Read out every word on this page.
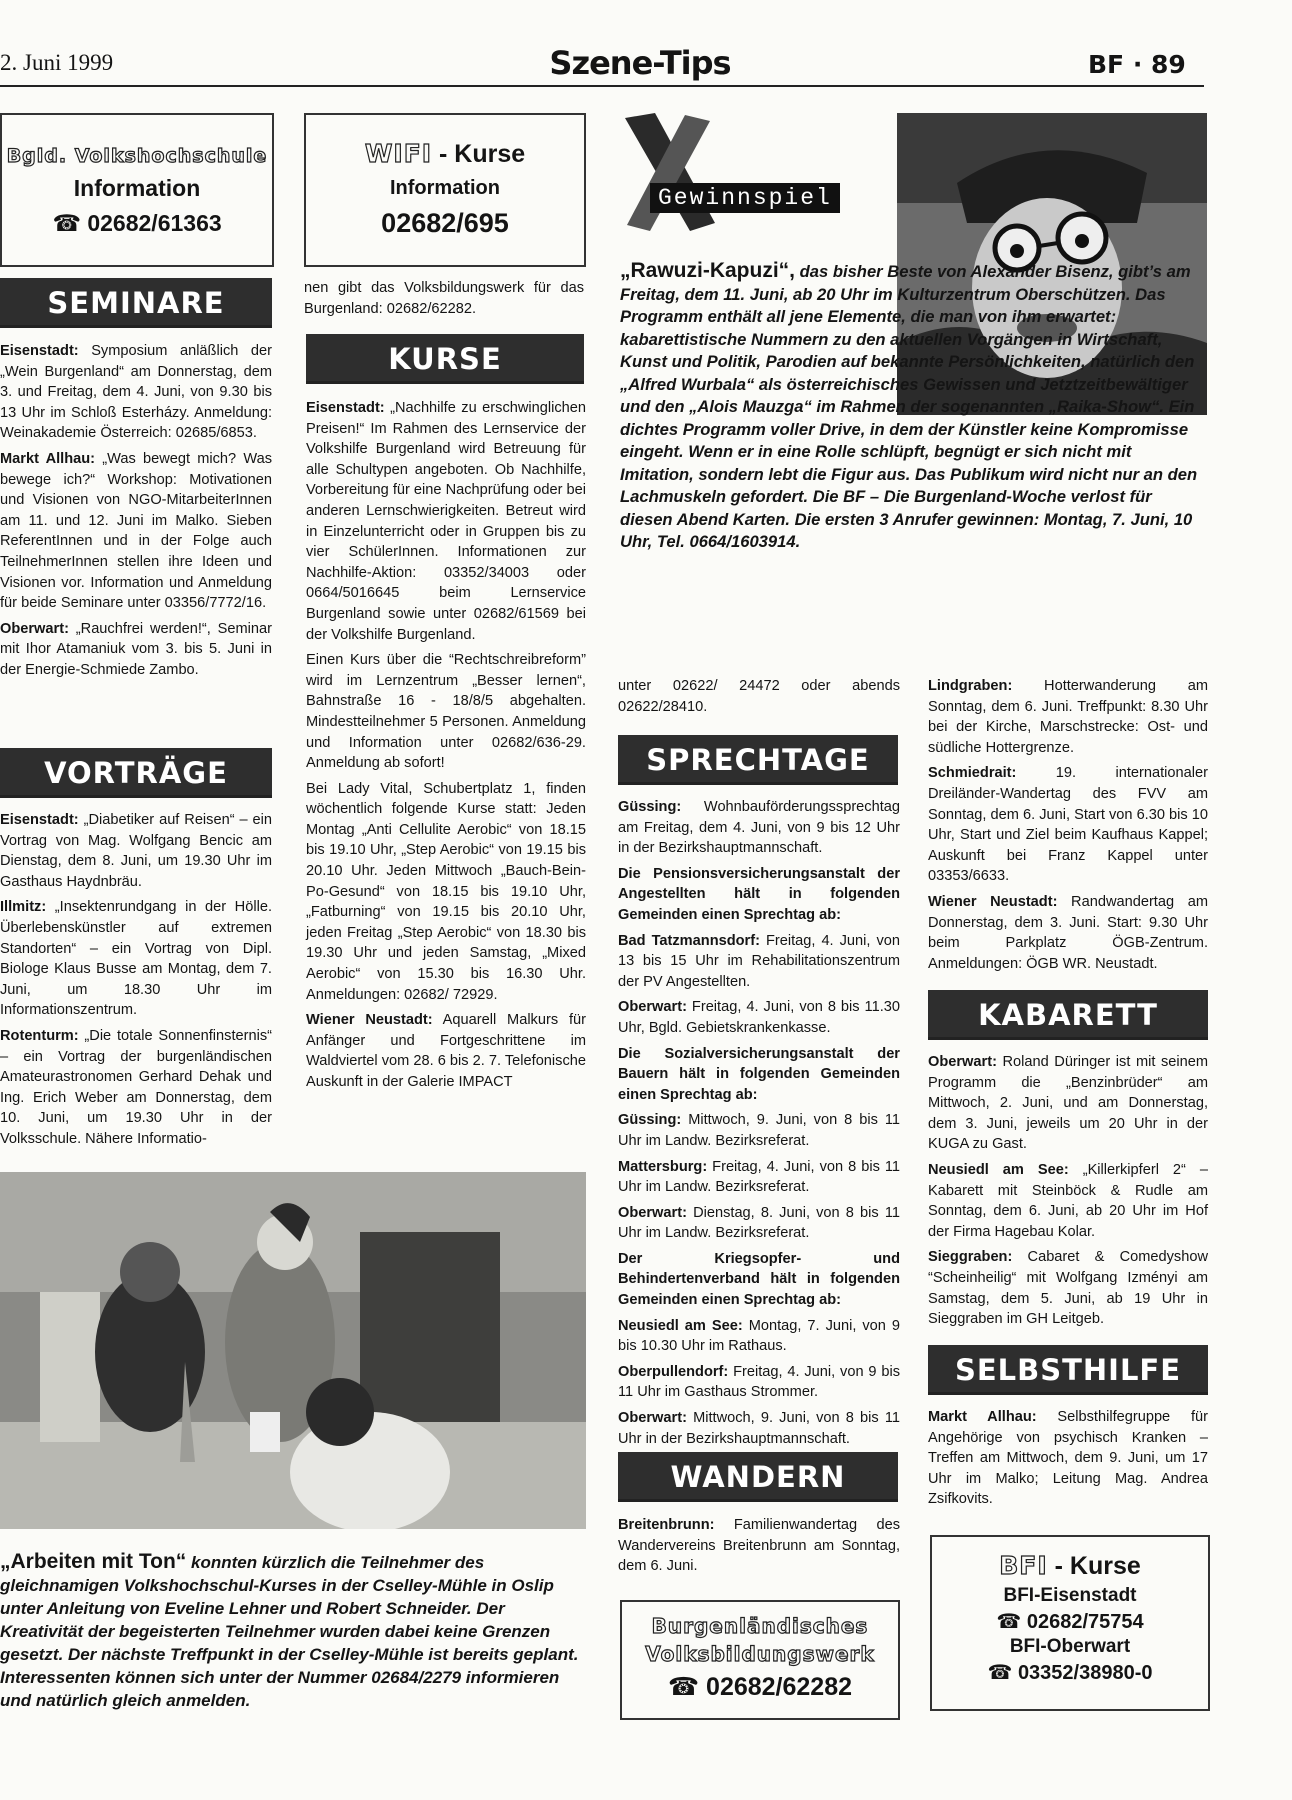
2. Juni 1999	Szene-Tips	BF · 89
Bgld. Volkshochschule
Information
☎ 02682/61363
SEMINARE

Eisenstadt: Symposium anläßlich der „Wein Burgenland“ am Donnerstag, dem 3. und Freitag, dem 4. Juni, von 9.30 bis 13 Uhr im Schloß Esterházy. Anmeldung: Weinakademie Österreich: 02685/6853.

Markt Allhau: „Was bewegt mich? Was bewege ich?“ Workshop: Motivationen und Visionen von NGO-MitarbeiterInnen am 11. und 12. Juni im Malko. Sieben ReferentInnen und in der Folge auch TeilnehmerInnen stellen ihre Ideen und Visionen vor. Information und Anmeldung für beide Seminare unter 03356/7772/16.

Oberwart: „Rauchfrei werden!“, Seminar mit Ihor Atamaniuk vom 3. bis 5. Juni in der Energie-Schmiede Zambo.

VORTRÄGE

Eisenstadt: „Diabetiker auf Reisen“ – ein Vortrag von Mag. Wolfgang Bencic am Dienstag, dem 8. Juni, um 19.30 Uhr im Gasthaus Haydnbräu.

Illmitz: „Insektenrundgang in der Hölle. Überlebenskünstler auf extremen Standorten“ – ein Vortrag von Dipl. Biologe Klaus Busse am Montag, dem 7. Juni, um 18.30 Uhr im Informationszentrum.

Rotenturm: „Die totale Sonnenfinsternis“ – ein Vortrag der burgenländischen Amateurastronomen Gerhard Dehak und Ing. Erich Weber am Donnerstag, dem 10. Juni, um 19.30 Uhr in der Volksschule. Nähere Informatio-

WIFI - Kurse
Information
02682/695
nen gibt das Volksbildungswerk für das Burgenland: 02682/62282.
KURSE

Eisenstadt: „Nachhilfe zu erschwinglichen Preisen!“ Im Rahmen des Lernservice der Volkshilfe Burgenland wird Betreuung für alle Schultypen angeboten. Ob Nachhilfe, Vorbereitung für eine Nachprüfung oder bei anderen Lernschwierigkeiten. Betreut wird in Einzelunterricht oder in Gruppen bis zu vier SchülerInnen. Informationen zur Nachhilfe-Aktion: 03352/34003 oder 0664/5016645 beim Lernservice Burgenland sowie unter 02682/61569 bei der Volkshilfe Burgenland.

Einen Kurs über die “Rechtschreibreform” wird im Lernzentrum „Besser lernen“, Bahnstraße 16 - 18/8/5 abgehalten. Mindestteilnehmer 5 Personen. Anmeldung und Information unter 02682/636-29. Anmeldung ab sofort!

Bei Lady Vital, Schubertplatz 1, finden wöchentlich folgende Kurse statt: Jeden Montag „Anti Cellulite Aerobic“ von 18.15 bis 19.10 Uhr, „Step Aerobic“ von 19.15 bis 20.10 Uhr. Jeden Mittwoch „Bauch-Bein-Po-Gesund“ von 18.15 bis 19.10 Uhr, „Fatburning“ von 19.15 bis 20.10 Uhr, jeden Freitag „Step Aerobic“ von 18.30 bis 19.30 Uhr und jeden Samstag, „Mixed Aerobic“ von 15.30 bis 16.30 Uhr. Anmeldungen: 02682/ 72929.

Wiener Neustadt: Aquarell Malkurs für Anfänger und Fortgeschrittene im Waldviertel vom 28. 6 bis 2. 7. Telefonische Auskunft in der Galerie IMPACT

Gewinnspiel
„Rawuzi-Kapuzi“, das bisher Beste von Alexander Bisenz, gibt’s am Freitag, dem 11. Juni, ab 20 Uhr im Kulturzentrum Oberschützen. Das Programm enthält all jene Elemente, die man von ihm erwartet: kabarettistische Nummern zu den aktuellen Vorgängen in Wirtschaft, Kunst und Politik, Parodien auf bekannte Persönlichkeiten, natürlich den „Alfred Wurbala“ als österreichisches Gewissen und Jetztzeitbewältiger und den „Alois Mauzga“ im Rahmen der sogenannten „Raika-Show“. Ein dichtes Programm voller Drive, in dem der Künstler keine Kompromisse eingeht. Wenn er in eine Rolle schlüpft, begnügt er sich nicht mit Imitation, sondern lebt die Figur aus. Das Publikum wird nicht nur an den Lachmuskeln gefordert. Die BF – Die Burgenland-Woche verlost für diesen Abend Karten. Die ersten 3 Anrufer gewinnen: Montag, 7. Juni, 10 Uhr, Tel. 0664/1603914.
unter 02622/ 24472 oder abends 02622/28410.
SPRECHTAGE

Güssing: Wohnbauförderungssprechtag am Freitag, dem 4. Juni, von 9 bis 12 Uhr in der Bezirkshauptmannschaft.

Die Pensionsversicherungsanstalt der Angestellten hält in folgenden Gemeinden einen Sprechtag ab:

Bad Tatzmannsdorf: Freitag, 4. Juni, von 13 bis 15 Uhr im Rehabilitationszentrum der PV Angestellten.

Oberwart: Freitag, 4. Juni, von 8 bis 11.30 Uhr, Bgld. Gebietskrankenkasse.

Die Sozialversicherungsanstalt der Bauern hält in folgenden Gemeinden einen Sprechtag ab:

Güssing: Mittwoch, 9. Juni, von 8 bis 11 Uhr im Landw. Bezirksreferat.

Mattersburg: Freitag, 4. Juni, von 8 bis 11 Uhr im Landw. Bezirksreferat.

Oberwart: Dienstag, 8. Juni, von 8 bis 11 Uhr im Landw. Bezirksreferat.

Der Kriegsopfer- und Behindertenverband hält in folgenden Gemeinden einen Sprechtag ab:

Neusiedl am See: Montag, 7. Juni, von 9 bis 10.30 Uhr im Rathaus.

Oberpullendorf: Freitag, 4. Juni, von 9 bis 11 Uhr im Gasthaus Strommer.

Oberwart: Mittwoch, 9. Juni, von 8 bis 11 Uhr in der Bezirkshauptmannschaft.

WANDERN

Breitenbrunn: Familienwandertag des Wandervereins Breitenbrunn am Sonntag, dem 6. Juni.

Burgenländisches
Volksbildungswerk
☎ 02682/62282

Lindgraben: Hotterwanderung am Sonntag, dem 6. Juni. Treffpunkt: 8.30 Uhr bei der Kirche, Marschstrecke: Ost- und südliche Hottergrenze.

Schmiedrait: 19. internationaler Dreiländer-Wandertag des FVV am Sonntag, dem 6. Juni, Start von 6.30 bis 10 Uhr, Start und Ziel beim Kaufhaus Kappel; Auskunft bei Franz Kappel unter 03353/6633.

Wiener Neustadt: Randwandertag am Donnerstag, dem 3. Juni. Start: 9.30 Uhr beim Parkplatz ÖGB-Zentrum. Anmeldungen: ÖGB WR. Neustadt.

KABARETT

Oberwart: Roland Düringer ist mit seinem Programm die „Benzinbrüder“ am Mittwoch, 2. Juni, und am Donnerstag, dem 3. Juni, jeweils um 20 Uhr in der KUGA zu Gast.

Neusiedl am See: „Killerkipferl 2“ – Kabarett mit Steinböck & Rudle am Sonntag, dem 6. Juni, ab 20 Uhr im Hof der Firma Hagebau Kolar.

Sieggraben: Cabaret & Comedyshow “Scheinheilig“ mit Wolfgang Izményi am Samstag, dem 5. Juni, ab 19 Uhr in Sieggraben im GH Leitgeb.

SELBSTHILFE

Markt Allhau: Selbsthilfegruppe für Angehörige von psychisch Kranken – Treffen am Mittwoch, dem 9. Juni, um 17 Uhr im Malko; Leitung Mag. Andrea Zsifkovits.

BFI - Kurse
BFI-Eisenstadt
☎ 02682/75754
BFI-Oberwart
☎ 03352/38980-0
„Arbeiten mit Ton“ konnten kürzlich die Teilnehmer des gleichnamigen Volkshochschul-Kurses in der Cselley-Mühle in Oslip unter Anleitung von Eveline Lehner und Robert Schneider. Der Kreativität der begeisterten Teilnehmer wurden dabei keine Grenzen gesetzt. Der nächste Treffpunkt in der Cselley-Mühle ist bereits geplant. Interessenten können sich unter der Nummer 02684/2279 informieren und natürlich gleich anmelden.
